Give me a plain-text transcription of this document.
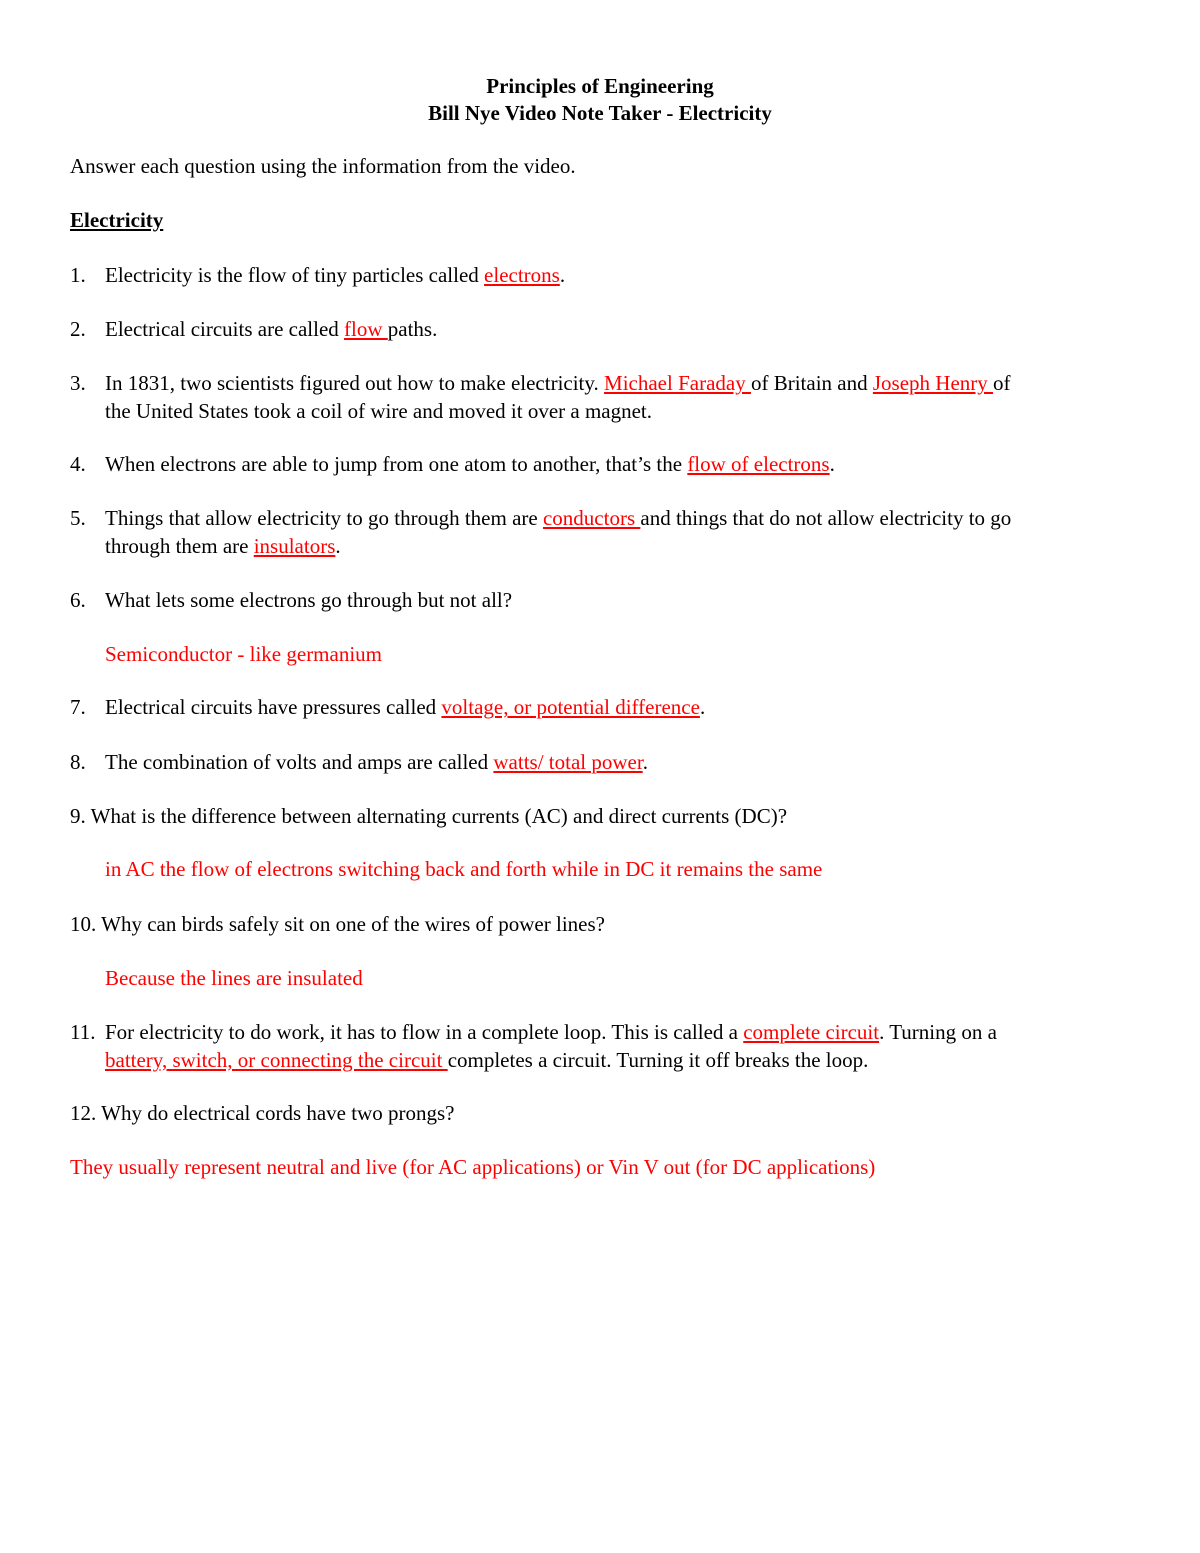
Principles of Engineering
Bill Nye Video Note Taker - Electricity
Answer each question using the information from the video.
Electricity
1. Electricity is the flow of tiny particles called electrons.
2. Electrical circuits are called flow paths.
3. In 1831, two scientists figured out how to make electricity. Michael Faraday of Britain and Joseph Henry of
the United States took a coil of wire and moved it over a magnet.
4. When electrons are able to jump from one atom to another, that’s the flow of electrons.
5. Things that allow electricity to go through them are conductors and things that do not allow electricity to go
through them are insulators.
6. What lets some electrons go through but not all?
Semiconductor - like germanium
7. Electrical circuits have pressures called voltage, or potential difference.
8. The combination of volts and amps are called watts/ total power.
9. What is the difference between alternating currents (AC) and direct currents (DC)?
in AC the flow of electrons switching back and forth while in DC it remains the same
10. Why can birds safely sit on one of the wires of power lines?
Because the lines are insulated
11. For electricity to do work, it has to flow in a complete loop. This is called a complete circuit. Turning on a
battery, switch, or connecting the circuit completes a circuit. Turning it off breaks the loop.
12. Why do electrical cords have two prongs?
They usually represent neutral and live (for AC applications) or Vin V out (for DC applications)
